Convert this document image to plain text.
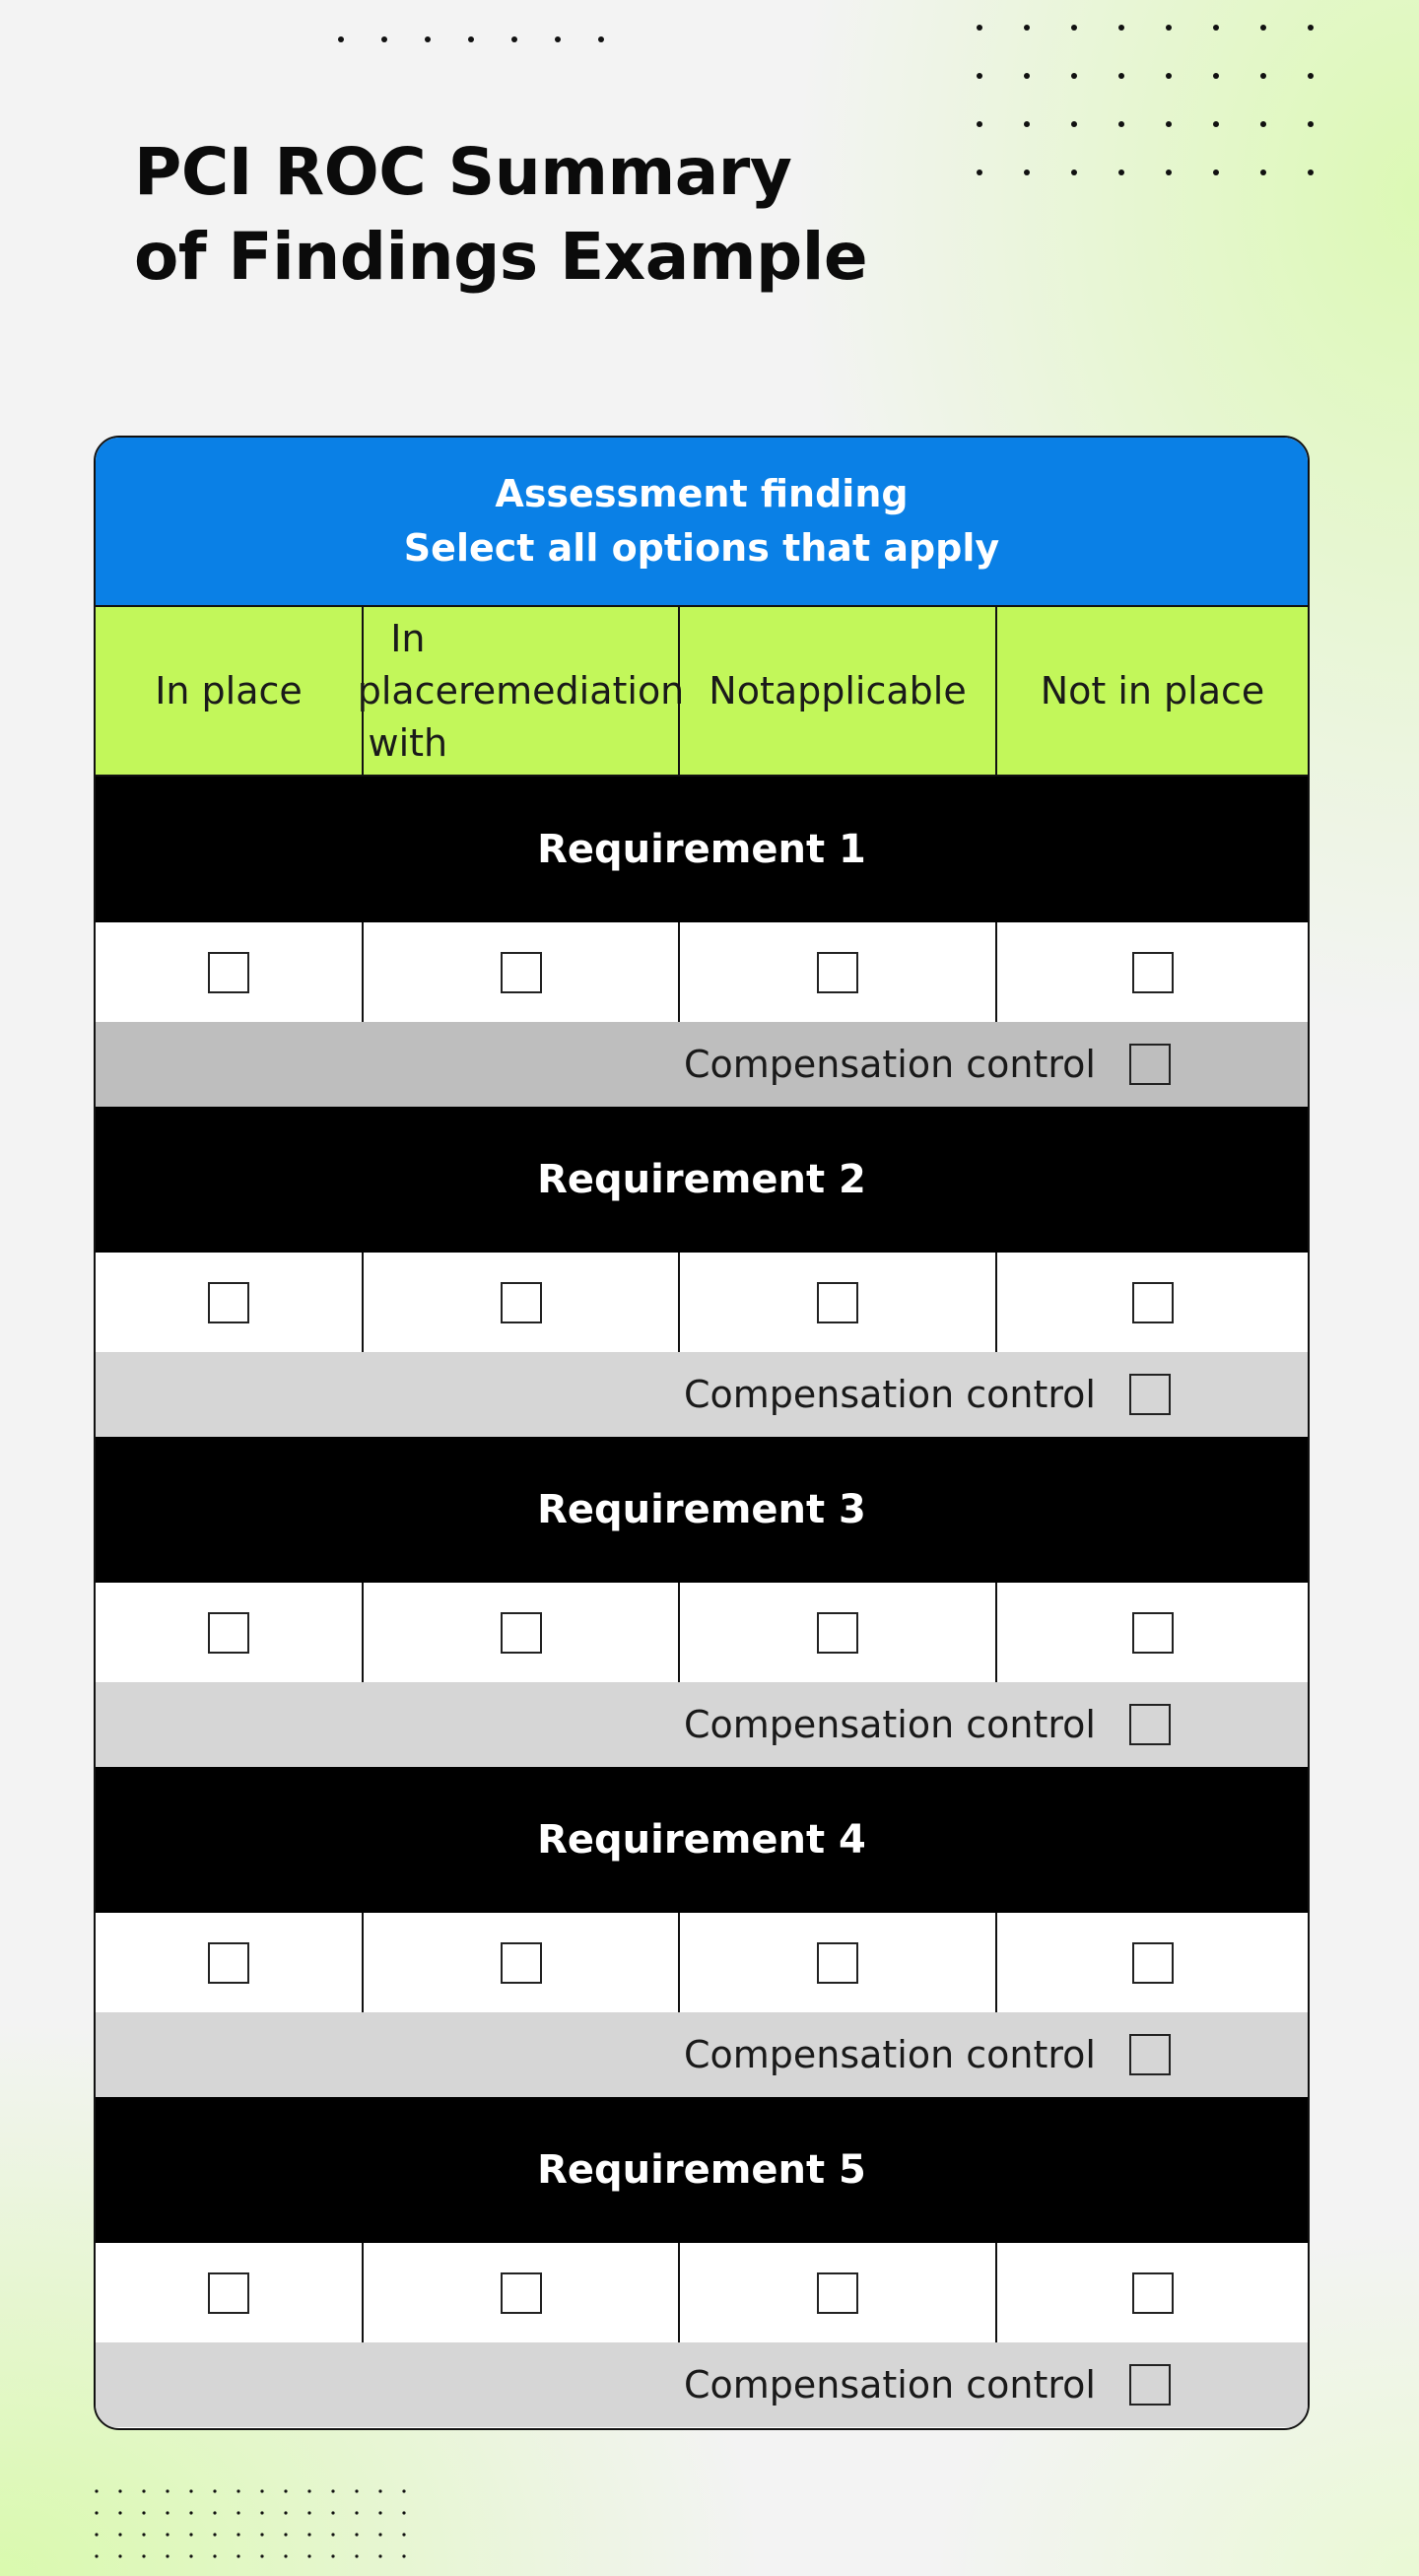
PCI ROC Summary
of Findings Example
Assessment finding
Select all options that apply
In place
In place with

remediation Not applicable Not in place
Requirement 1
Compensation control
Requirement 2
Compensation control
Requirement 3
Compensation control
Requirement 4
Compensation control
Requirement 5
Compensation control
